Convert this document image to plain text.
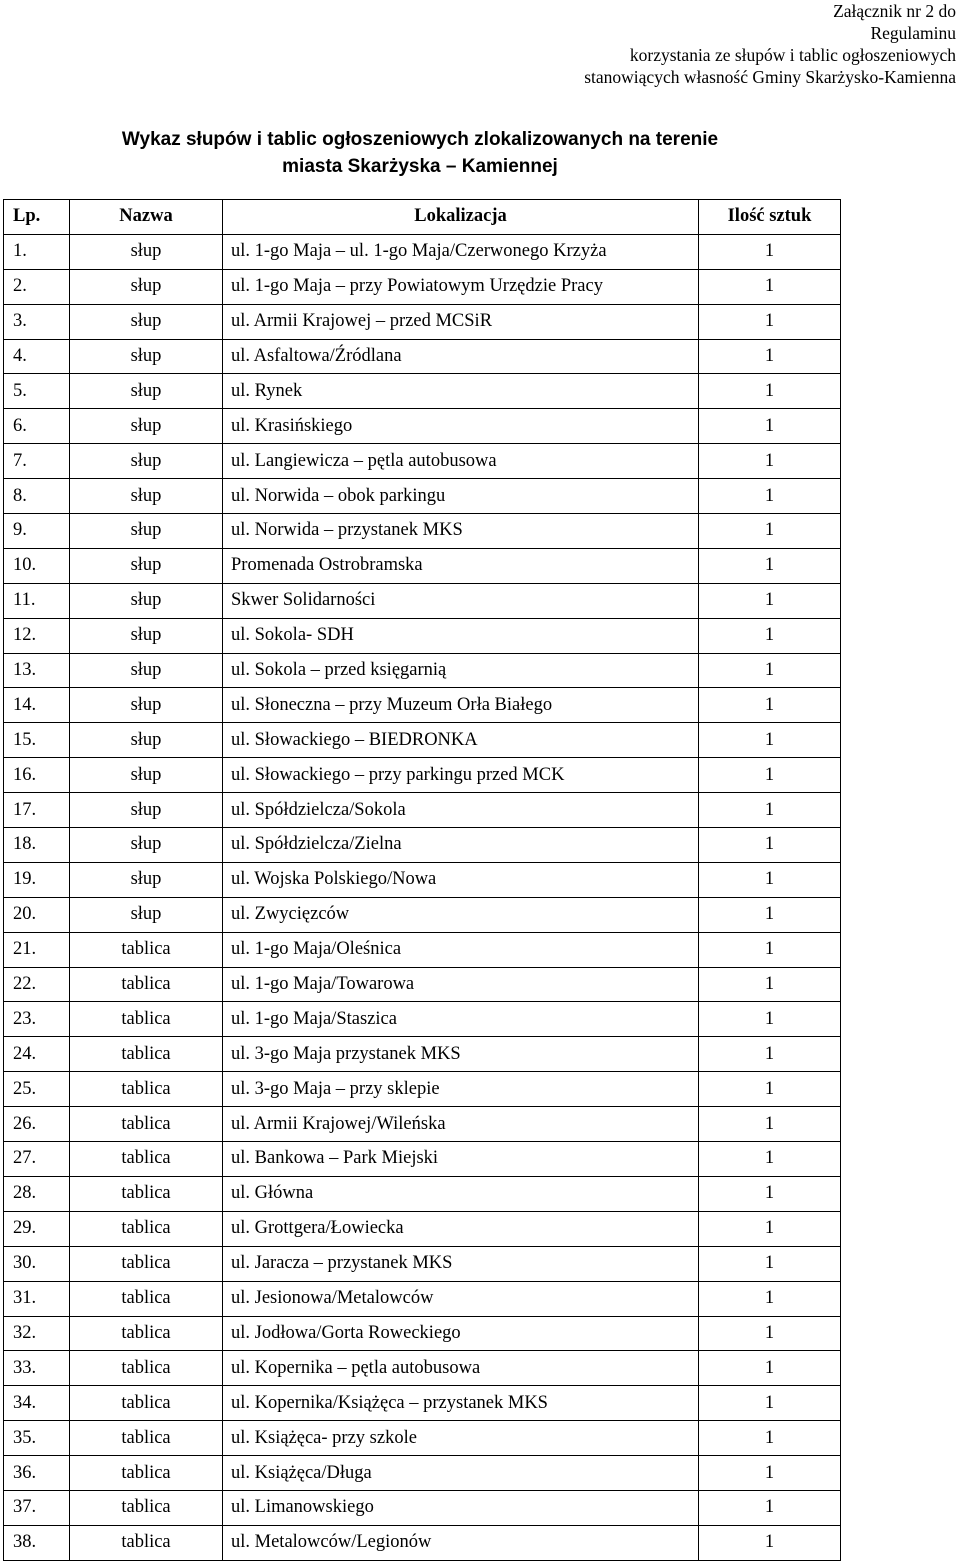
Załącznik nr 2 do
Regulaminu
korzystania ze słupów i tablic ogłoszeniowych
stanowiących własność Gminy Skarżysko-Kamienna
Wykaz słupów i tablic ogłoszeniowych zlokalizowanych na terenie
miasta Skarżyska – Kamiennej
Lp.	Nazwa	Lokalizacja	Ilość sztuk
1.	słup	ul. 1-go Maja – ul. 1-go Maja/Czerwonego Krzyża	1
2.	słup	ul. 1-go Maja – przy Powiatowym Urzędzie Pracy	1
3.	słup	ul. Armii Krajowej – przed MCSiR	1
4.	słup	ul. Asfaltowa/Źródlana	1
5.	słup	ul. Rynek	1
6.	słup	ul. Krasińskiego	1
7.	słup	ul. Langiewicza – pętla autobusowa	1
8.	słup	ul. Norwida – obok parkingu	1
9.	słup	ul. Norwida – przystanek MKS	1
10.	słup	Promenada Ostrobramska	1
11.	słup	Skwer Solidarności	1
12.	słup	ul. Sokola- SDH	1
13.	słup	ul. Sokola – przed księgarnią	1
14.	słup	ul. Słoneczna – przy Muzeum Orła Białego	1
15.	słup	ul. Słowackiego – BIEDRONKA	1
16.	słup	ul. Słowackiego – przy parkingu przed MCK	1
17.	słup	ul. Spółdzielcza/Sokola	1
18.	słup	ul. Spółdzielcza/Zielna	1
19.	słup	ul. Wojska Polskiego/Nowa	1
20.	słup	ul. Zwycięzców	1
21.	tablica	ul. 1-go Maja/Oleśnica	1
22.	tablica	ul. 1-go Maja/Towarowa	1
23.	tablica	ul. 1-go Maja/Staszica	1
24.	tablica	ul. 3-go Maja przystanek MKS	1
25.	tablica	ul. 3-go Maja – przy sklepie	1
26.	tablica	ul. Armii Krajowej/Wileńska	1
27.	tablica	ul. Bankowa – Park Miejski	1
28.	tablica	ul. Główna	1
29.	tablica	ul. Grottgera/Łowiecka	1
30.	tablica	ul. Jaracza – przystanek MKS	1
31.	tablica	ul. Jesionowa/Metalowców	1
32.	tablica	ul. Jodłowa/Gorta Roweckiego	1
33.	tablica	ul. Kopernika – pętla autobusowa	1
34.	tablica	ul. Kopernika/Książęca – przystanek MKS	1
35.	tablica	ul. Książęca- przy szkole	1
36.	tablica	ul. Książęca/Długa	1
37.	tablica	ul. Limanowskiego	1
38.	tablica	ul. Metalowców/Legionów	1
